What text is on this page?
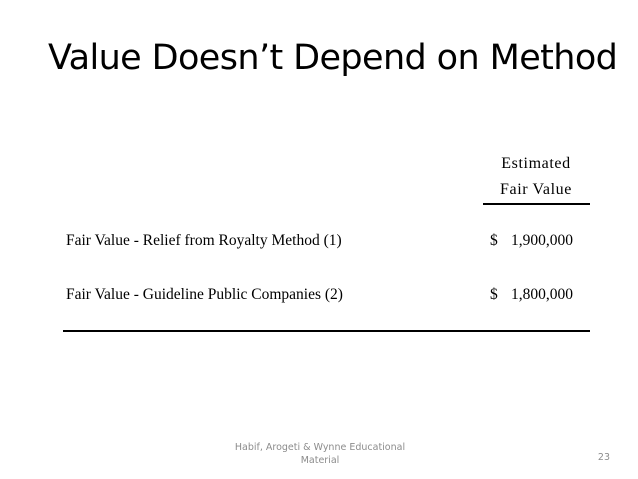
Value Doesn’t Depend on Method
Estimated
Fair Value
Fair Value - Relief from Royalty Method (1)	$ 1,900,000
Fair Value - Guideline Public Companies (2)	$ 1,800,000
Habif, Arogeti & Wynne Educational Material	23
